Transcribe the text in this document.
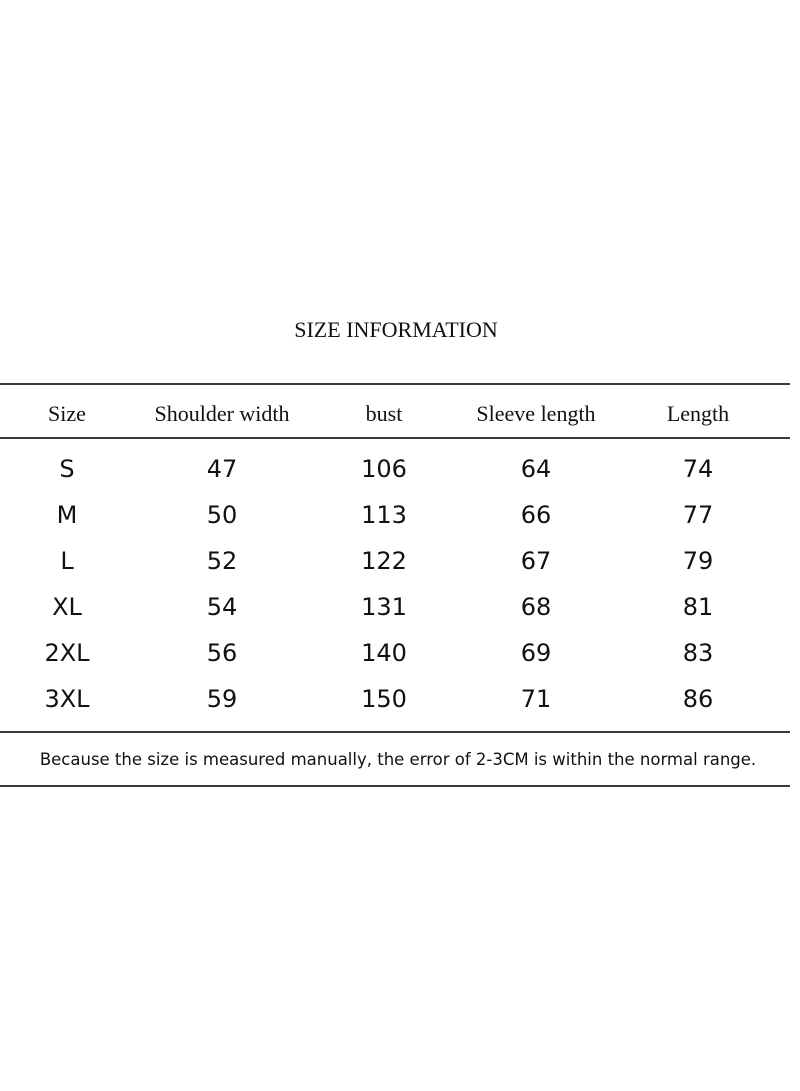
SIZE INFORMATION
Size	Shoulder width	bust	Sleeve length	Length
S	47	106	64	74
M	50	113	66	77
L	52	122	67	79
XL	54	131	68	81
2XL	56	140	69	83
3XL	59	150	71	86
Because the size is measured manually, the error of 2-3CM is within the normal range.
